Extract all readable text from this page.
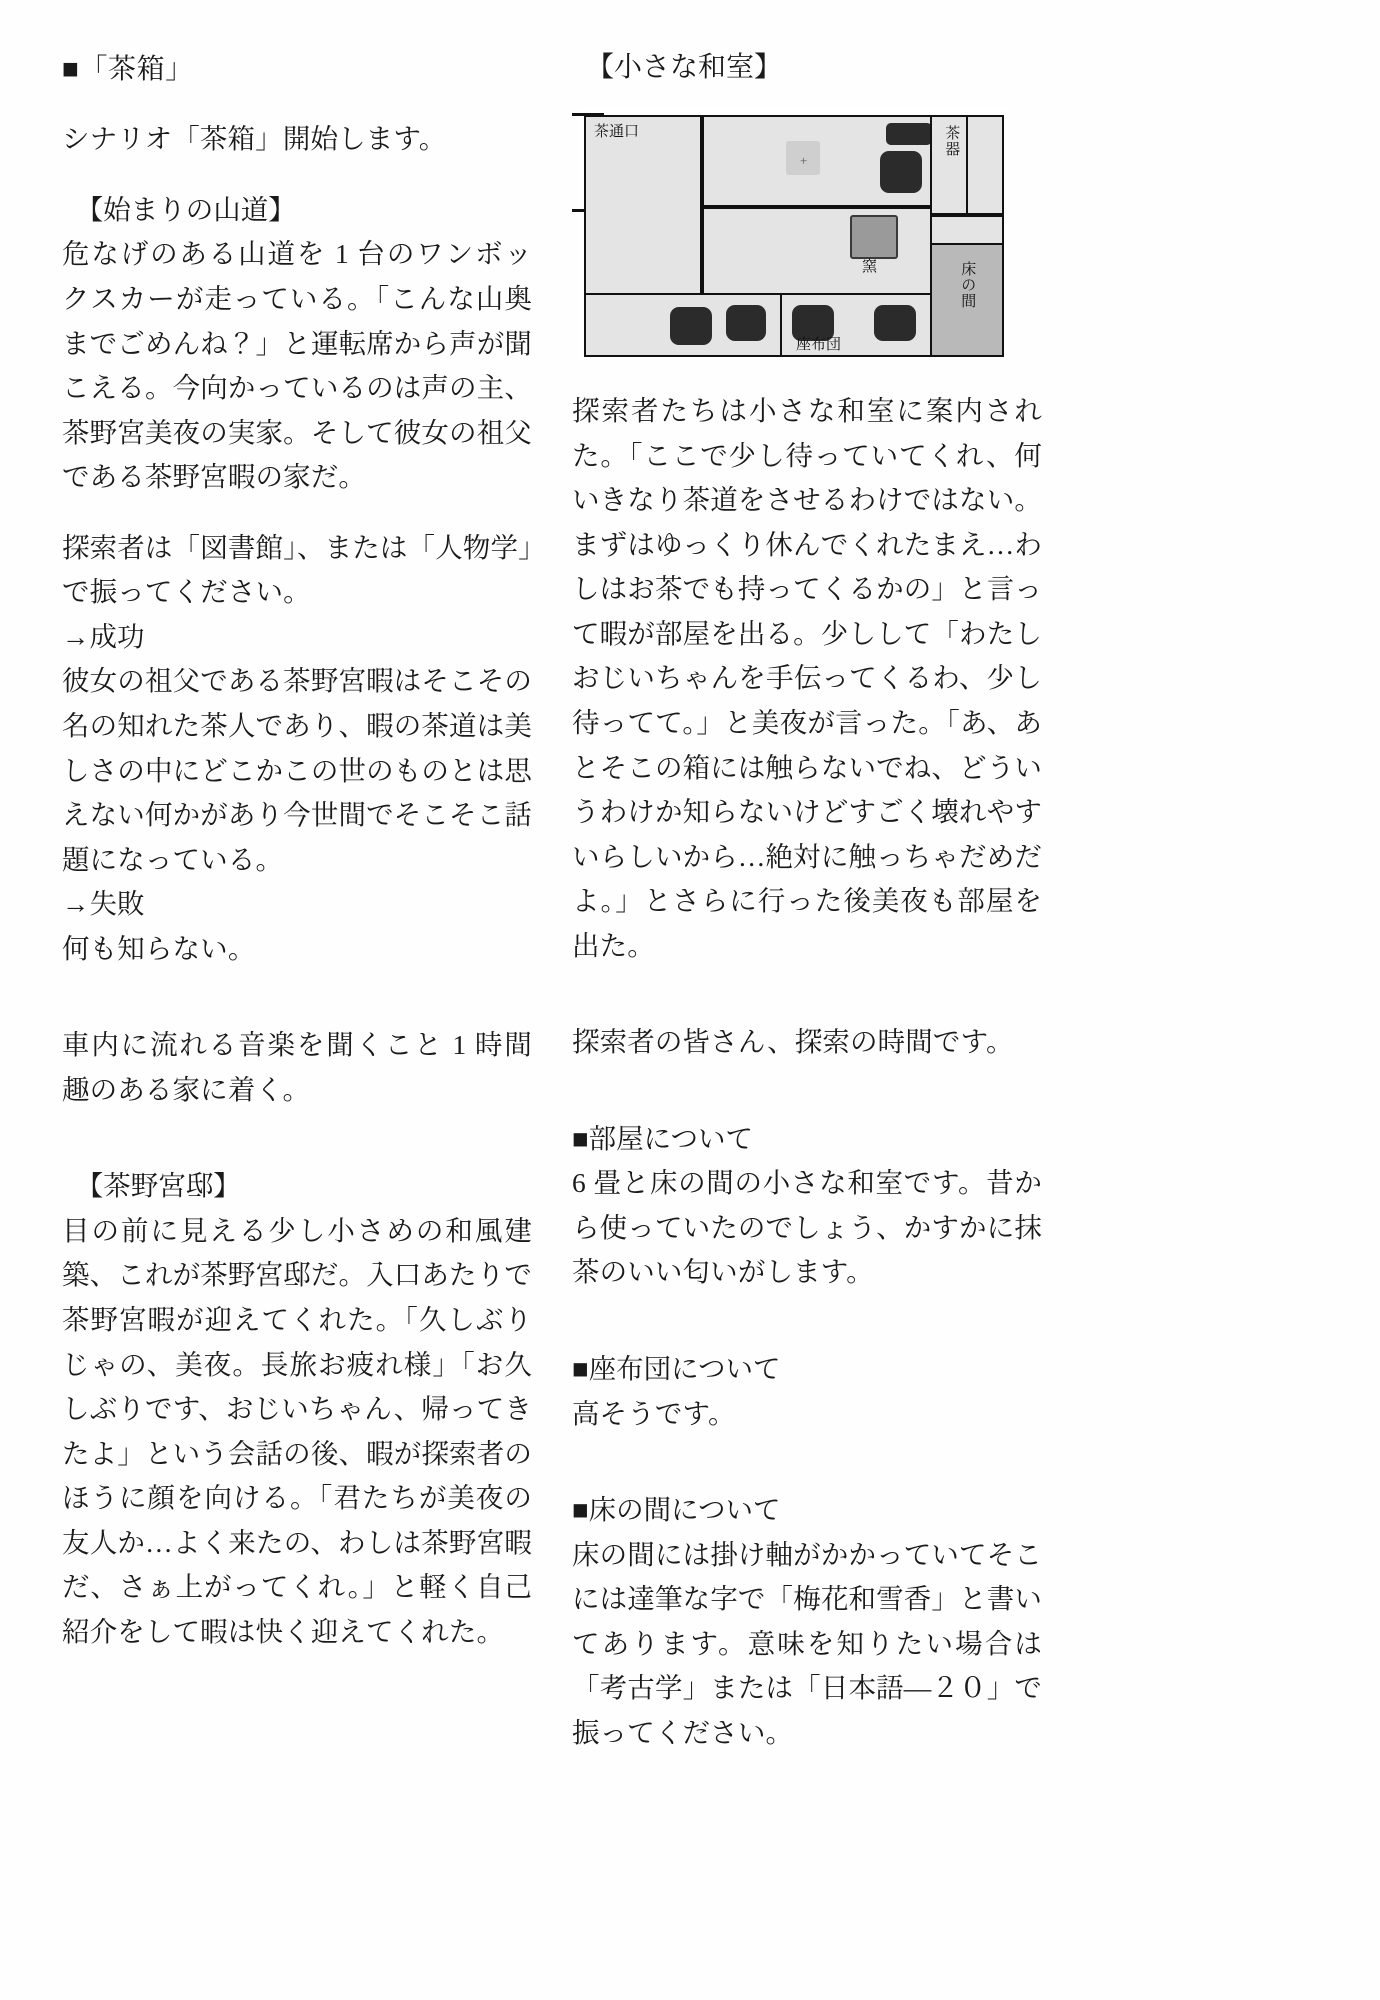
■「茶箱」
シナリオ「茶箱」開始します。
【始まりの山道】
危なげのある山道を 1 台のワンボックスカーが走っている。「こんな山奥までごめんね？」と運転席から声が聞こえる。今向かっているのは声の主、茶野宮美夜の実家。そして彼女の祖父である茶野宮暇の家だ。
探索者は「図書館」、または「人物学」で振ってください。
→成功
彼女の祖父である茶野宮暇はそこその名の知れた茶人であり、暇の茶道は美しさの中にどこかこの世のものとは思えない何かがあり今世間でそこそこ話題になっている。
→失敗
何も知らない。
車内に流れる音楽を聞くこと 1 時間趣のある家に着く。
【茶野宮邸】
目の前に見える少し小さめの和風建築、これが茶野宮邸だ。入口あたりで茶野宮暇が迎えてくれた。「久しぶりじゃの、美夜。長旅お疲れ様」「お久しぶりです、おじいちゃん、帰ってきたよ」という会話の後、暇が探索者のほうに顔を向ける。「君たちが美夜の友人か…よく来たの、わしは茶野宮暇だ、さぁ上がってくれ。」と軽く自己紹介をして暇は快く迎えてくれた。
【小さな和室】
茶通口
+
窯
茶器
床の間
座布団
探索者たちは小さな和室に案内された。「ここで少し待っていてくれ、何いきなり茶道をさせるわけではない。まずはゆっくり休んでくれたまえ…わしはお茶でも持ってくるかの」と言って暇が部屋を出る。少しして「わたしおじいちゃんを手伝ってくるわ、少し待ってて。」と美夜が言った。「あ、あとそこの箱には触らないでね、どういうわけか知らないけどすごく壊れやすいらしいから…絶対に触っちゃだめだよ。」とさらに行った後美夜も部屋を出た。
探索者の皆さん、探索の時間です。
■部屋について
6 畳と床の間の小さな和室です。昔から使っていたのでしょう、かすかに抹茶のいい匂いがします。
■座布団について
高そうです。
■床の間について
床の間には掛け軸がかかっていてそこには達筆な字で「梅花和雪香」と書いてあります。意味を知りたい場合は「考古学」または「日本語—２０」で振ってください。
